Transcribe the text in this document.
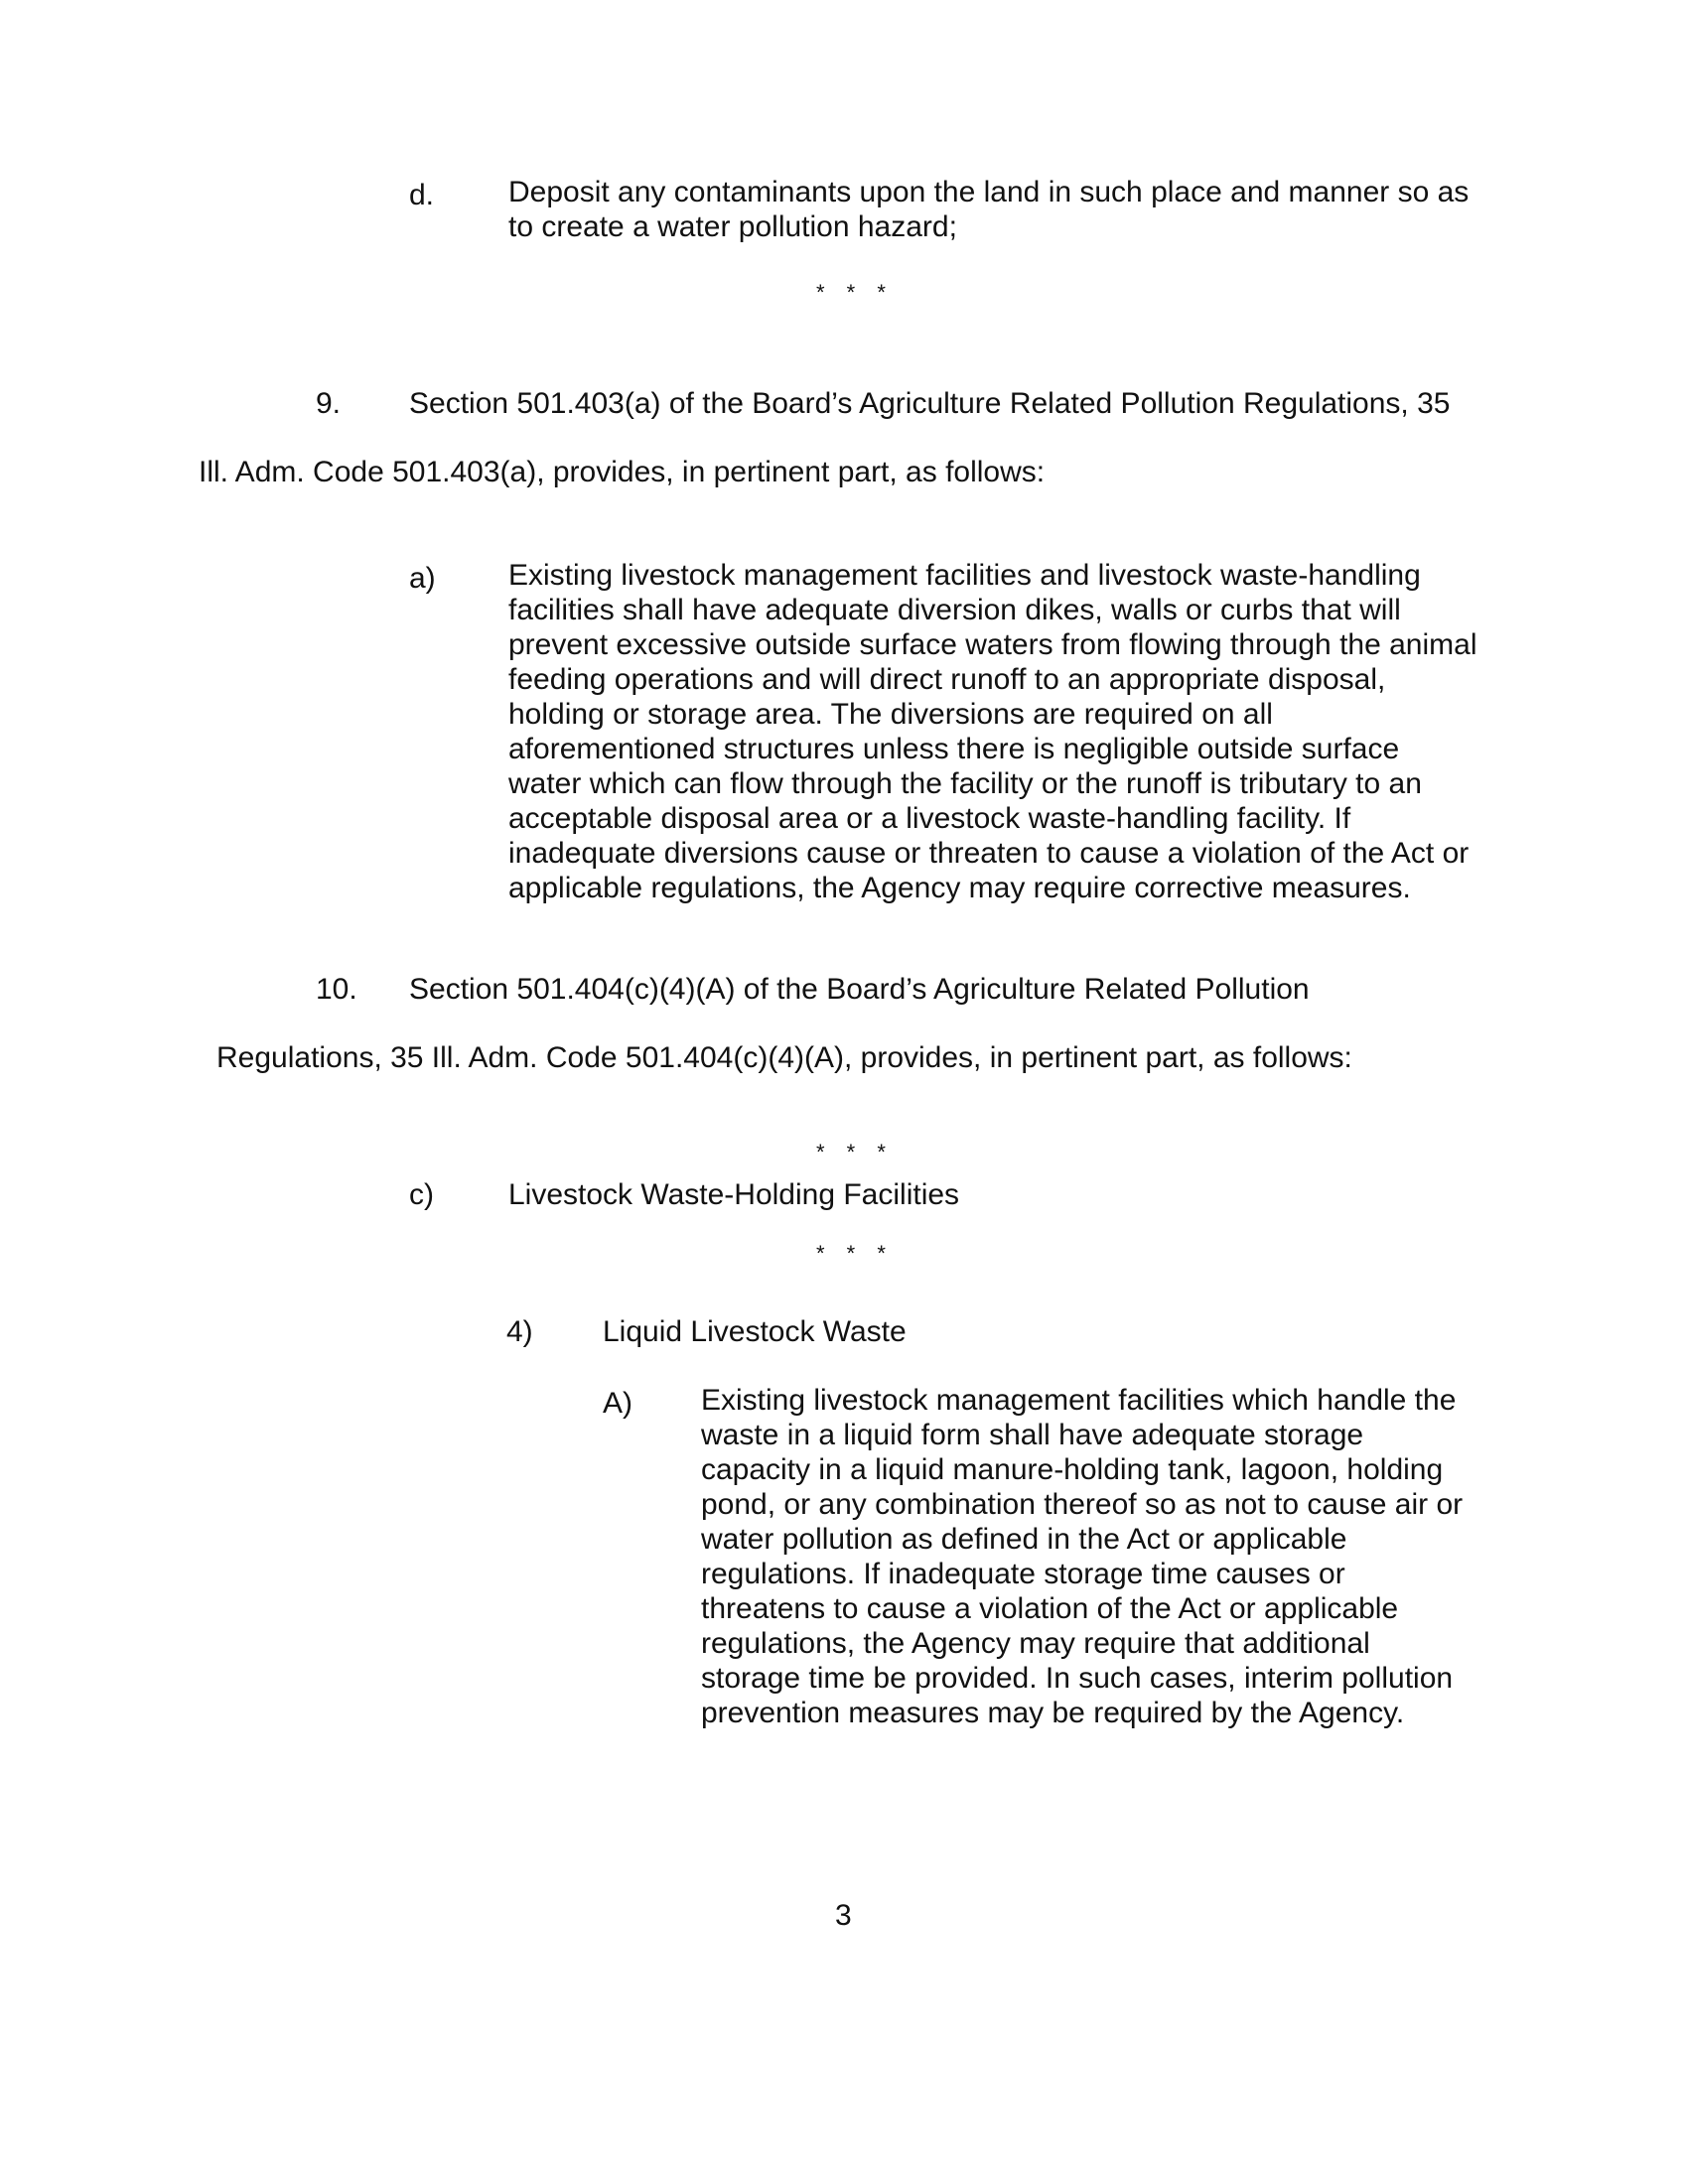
d. Deposit any contaminants upon the land in such place and manner so as
to create a water pollution hazard;
* * *
9. Section 501.403(a) of the Board’s Agriculture Related Pollution Regulations, 35
Ill. Adm. Code 501.403(a), provides, in pertinent part, as follows:
a) Existing livestock management facilities and livestock waste-handling
facilities shall have adequate diversion dikes, walls or curbs that will
prevent excessive outside surface waters from flowing through the animal
feeding operations and will direct runoff to an appropriate disposal,
holding or storage area. The diversions are required on all
aforementioned structures unless there is negligible outside surface
water which can flow through the facility or the runoff is tributary to an
acceptable disposal area or a livestock waste-handling facility. If
inadequate diversions cause or threaten to cause a violation of the Act or
applicable regulations, the Agency may require corrective measures.
10. Section 501.404(c)(4)(A) of the Board’s Agriculture Related Pollution
Regulations, 35 Ill. Adm. Code 501.404(c)(4)(A), provides, in pertinent part, as follows:
* * *
c)	Livestock Waste-Holding Facilities
* * *
4) Liquid Livestock Waste
A) Existing livestock management facilities which handle the
waste in a liquid form shall have adequate storage
capacity in a liquid manure-holding tank, lagoon, holding
pond, or any combination thereof so as not to cause air or
water pollution as defined in the Act or applicable
regulations. If inadequate storage time causes or
threatens to cause a violation of the Act or applicable
regulations, the Agency may require that additional
storage time be provided. In such cases, interim pollution
prevention measures may be required by the Agency.
3
